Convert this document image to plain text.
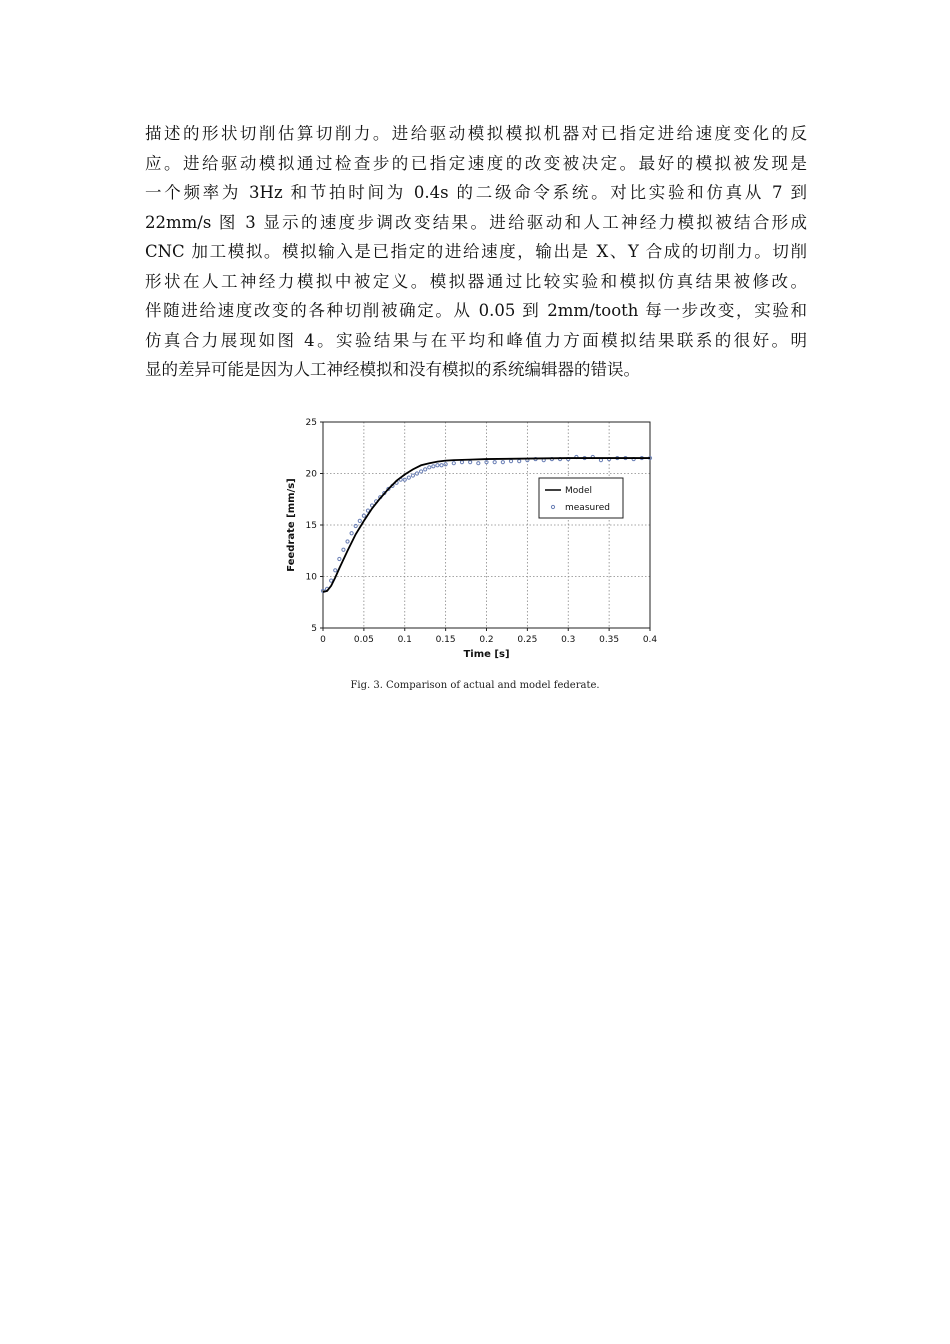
描述的形状切削估算切削力。进给驱动模拟模拟机器对已指定进给速度变化的反
应。进给驱动模拟通过检查步的已指定速度的改变被决定。最好的模拟被发现是
一个频率为 3Hz 和节拍时间为 0.4s 的二级命令系统。对比实验和仿真从 7 到
22mm/s 图 3 显示的速度步调改变结果。进给驱动和人工神经力模拟被结合形成
CNC 加工模拟。模拟输入是已指定的进给速度，输出是 X、Y 合成的切削力。切削
形状在人工神经力模拟中被定义。模拟器通过比较实验和模拟仿真结果被修改。
伴随进给速度改变的各种切削被确定。从 0.05 到 2mm/tooth 每一步改变，实验和
仿真合力展现如图 4。实验结果与在平均和峰值力方面模拟结果联系的很好。明
显的差异可能是因为人工神经模拟和没有模拟的系统编辑器的错误。
0	0.05	0.1	0.15	0.2	0.25	0.3	0.35	0.4
5
10
15
20
25
Time [s]
Feedrate [mm/s]	Model
measured
Fig. 3. Comparison of actual and model federate.
